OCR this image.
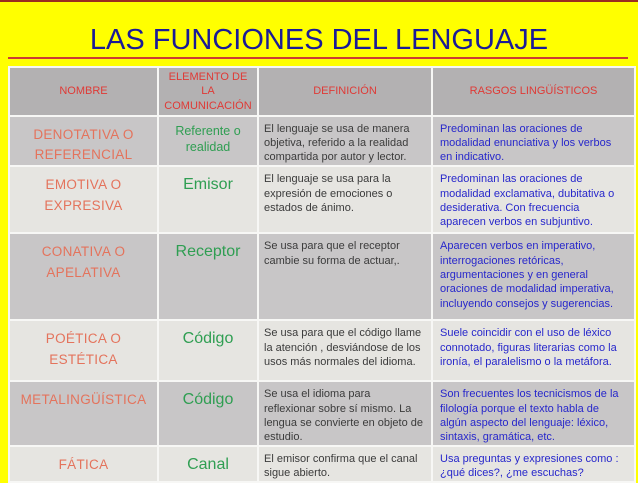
LAS FUNCIONES DEL LENGUAJE
NOMBRE	ELEMENTO DE LA COMUNICACIÓN	DEFINICIÓN	RASGOS LINGÜÍSTICOS
DENOTATIVA O REFERENCIAL	Referente o realidad	El lenguaje se usa de manera objetiva, referido a la realidad compartida por autor y lector.	Predominan las oraciones de modalidad enunciativa y los verbos en indicativo.
EMOTIVA O EXPRESIVA	Emisor	El lenguaje se usa para la expresión de emociones o estados de ánimo.	Predominan las oraciones de modalidad exclamativa, dubitativa o desiderativa. Con frecuencia aparecen verbos en subjuntivo.
CONATIVA O APELATIVA	Receptor	Se usa para que el receptor cambie su forma de actuar,.	Aparecen verbos en imperativo, interrogaciones retóricas, argumentaciones y en general oraciones de modalidad imperativa, incluyendo consejos y sugerencias.
POÉTICA O ESTÉTICA	Código	Se usa para que el código llame la atención , desviándose de los usos más normales del idioma.	Suele coincidir con el uso de léxico connotado, figuras literarias como la ironía, el paralelismo o la metáfora.
METALINGÜÍSTICA	Código	Se usa el idioma para reflexionar sobre sí mismo. La lengua se convierte en objeto de estudio.	Son frecuentes los tecnicismos de la filología porque el texto habla de algún aspecto del lenguaje: léxico, sintaxis, gramática, etc.
FÁTICA	Canal	El emisor confirma que el canal sigue abierto.	Usa preguntas y expresiones como : ¿qué dices?, ¿me escuchas?
